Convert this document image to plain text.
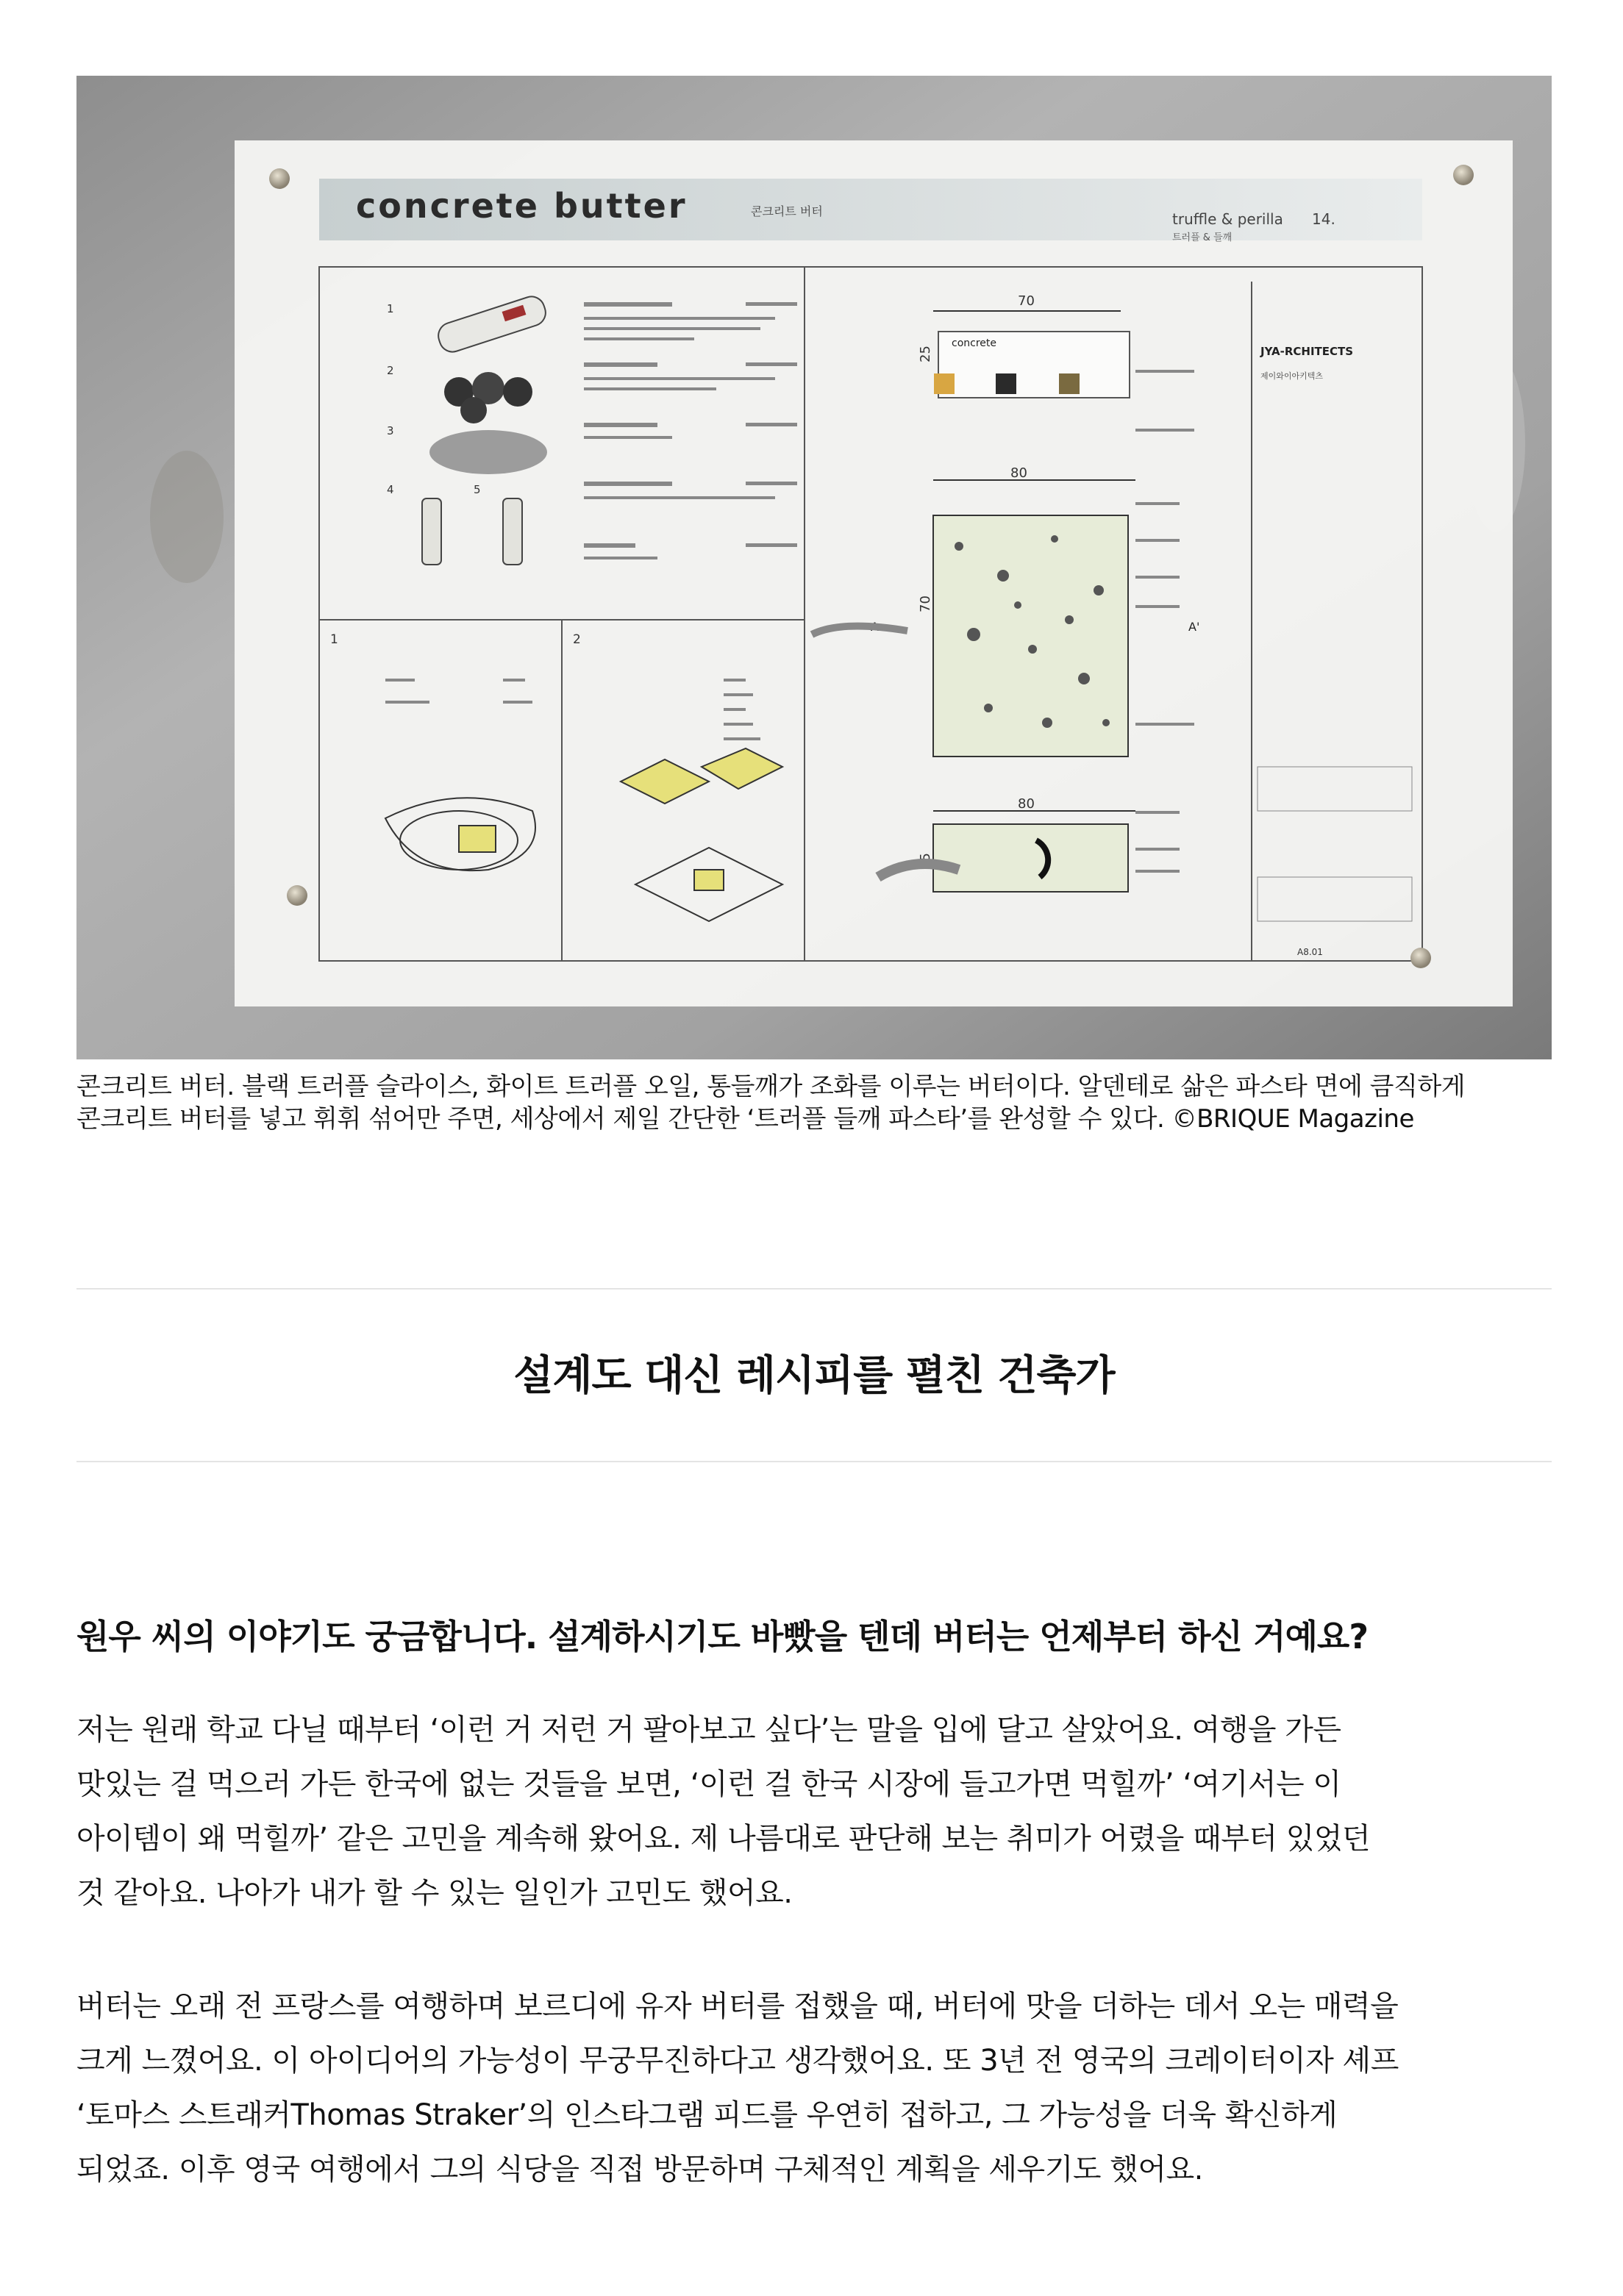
concrete butter	콘크리트 버터	truffle & perilla 14.
트러플 & 들깨
1
2
3
4	5
1	2
70
80
80
25
70
25
concrete
A	A'
JYA-RCHITECTS
제이와이아키텍츠
A8.01
콘크리트 버터. 블랙 트러플 슬라이스, 화이트 트러플 오일, 통들깨가 조화를 이루는 버터이다. 알덴테로 삶은 파스타 면에 큼직하게
콘크리트 버터를 넣고 휘휘 섞어만 주면, 세상에서 제일 간단한 ‘트러플 들깨 파스타’를 완성할 수 있다. ©BRIQUE Magazine
설계도 대신 레시피를 펼친 건축가
원우 씨의 이야기도 궁금합니다. 설계하시기도 바빴을 텐데 버터는 언제부터 하신 거예요?
저는 원래 학교 다닐 때부터 ‘이런 거 저런 거 팔아보고 싶다’는 말을 입에 달고 살았어요. 여행을 가든
맛있는 걸 먹으러 가든 한국에 없는 것들을 보면, ‘이런 걸 한국 시장에 들고가면 먹힐까’ ‘여기서는 이
아이템이 왜 먹힐까’ 같은 고민을 계속해 왔어요. 제 나름대로 판단해 보는 취미가 어렸을 때부터 있었던
것 같아요. 나아가 내가 할 수 있는 일인가 고민도 했어요.
버터는 오래 전 프랑스를 여행하며 보르디에 유자 버터를 접했을 때, 버터에 맛을 더하는 데서 오는 매력을
크게 느꼈어요. 이 아이디어의 가능성이 무궁무진하다고 생각했어요. 또 3년 전 영국의 크레이터이자 셰프
‘토마스 스트래커Thomas Straker’의 인스타그램 피드를 우연히 접하고, 그 가능성을 더욱 확신하게
되었죠. 이후 영국 여행에서 그의 식당을 직접 방문하며 구체적인 계획을 세우기도 했어요.
